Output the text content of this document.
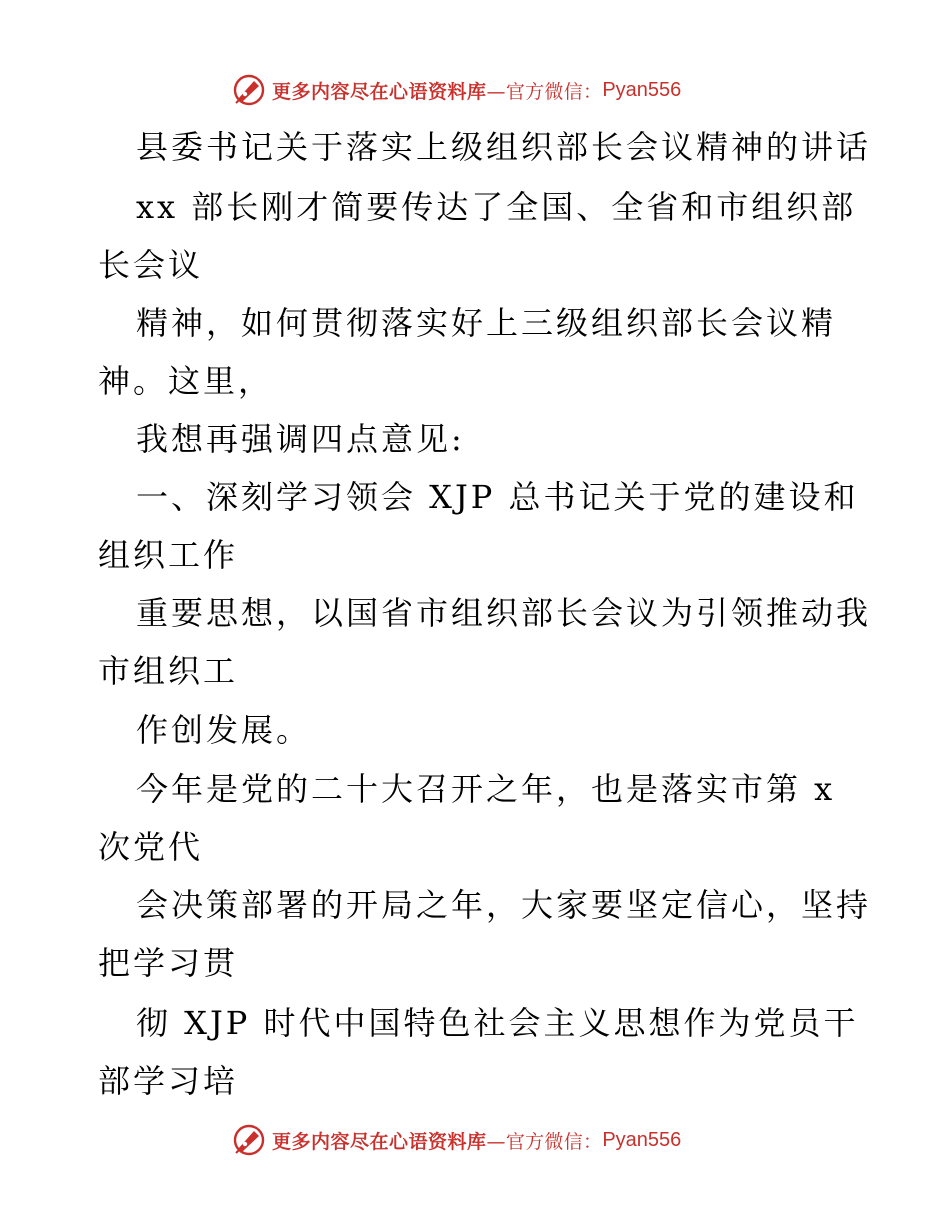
更多内容尽在心语资料库 —官方微信： Pyan556
县委书记关于落实上级组织部长会议精神的讲话
xx 部长刚才简要传达了全国、全省和市组织部
长会议
精神，如何贯彻落实好上三级组织部长会议精
神。这里，
我想再强调四点意见:
一、深刻学习领会 XJP 总书记关于党的建设和
组织工作
重要思想，以国省市组织部长会议为引领推动我
市组织工
作创发展。
今年是党的二十大召开之年，也是落实市第 x
次党代
会决策部署的开局之年，大家要坚定信心，坚持
把学习贯
彻 XJP 时代中国特色社会主义思想作为党员干
部学习培
更多内容尽在心语资料库 —官方微信： Pyan556
